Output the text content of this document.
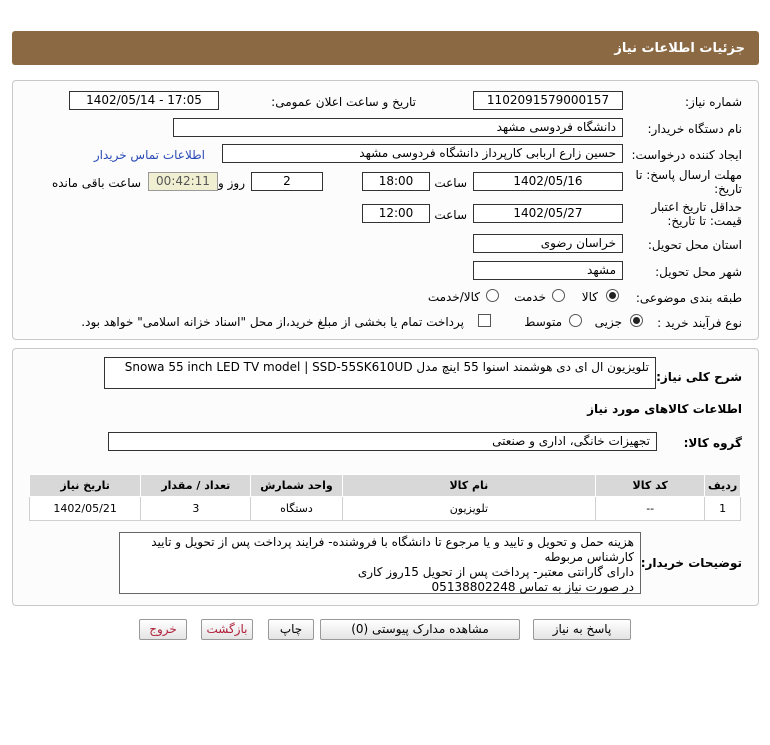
جزئیات اطلاعات نیاز
شماره نیاز:
1102091579000157
تاریخ و ساعت اعلان عمومی:
1402/05/14 - 17:05
نام دستگاه خریدار:
دانشگاه فردوسی مشهد
ایجاد کننده درخواست:
حسین زارع اربابی کارپرداز دانشگاه فردوسی مشهد
اطلاعات تماس خریدار
مهلت ارسال پاسخ: تا تاریخ:
1402/05/16
ساعت
18:00
2
روز و
00:42:11
ساعت باقی مانده
حداقل تاریخ اعتبار قیمت: تا تاریخ:
1402/05/27
ساعت
12:00
استان محل تحویل:
خراسان رضوی
شهر محل تحویل:
مشهد
طبقه بندی موضوعی:
کالا
خدمت
کالا/خدمت
نوع فرآیند خرید :
جزیی
متوسط
پرداخت تمام یا بخشی از مبلغ خرید،از محل "اسناد خزانه اسلامی" خواهد بود.
شرح کلی نیاز:
تلویزیون ال ای دی هوشمند اسنوا 55 اینچ مدل Snowa 55 inch LED TV model | SSD-55SK610UD
اطلاعات کالاهای مورد نیاز
گروه کالا:
تجهیزات خانگی، اداری و صنعتی
ردیف	کد کالا	نام کالا	واحد شمارش	تعداد / مقدار	تاریخ نیاز
1	--	تلویزیون	دستگاه	3	1402/05/21
توضیحات خریدار:
هزینه حمل و تحویل و تایید و یا مرجوع تا دانشگاه با فروشنده- فرایند پرداخت پس از تحویل و تایید
کارشناس مربوطه
دارای گارانتی معتبر- پرداخت پس از تحویل 15روز کاری
در صورت نیاز به تماس 05138802248
پاسخ به نیاز
مشاهده مدارک پیوستی (0)
چاپ
بازگشت
خروج
